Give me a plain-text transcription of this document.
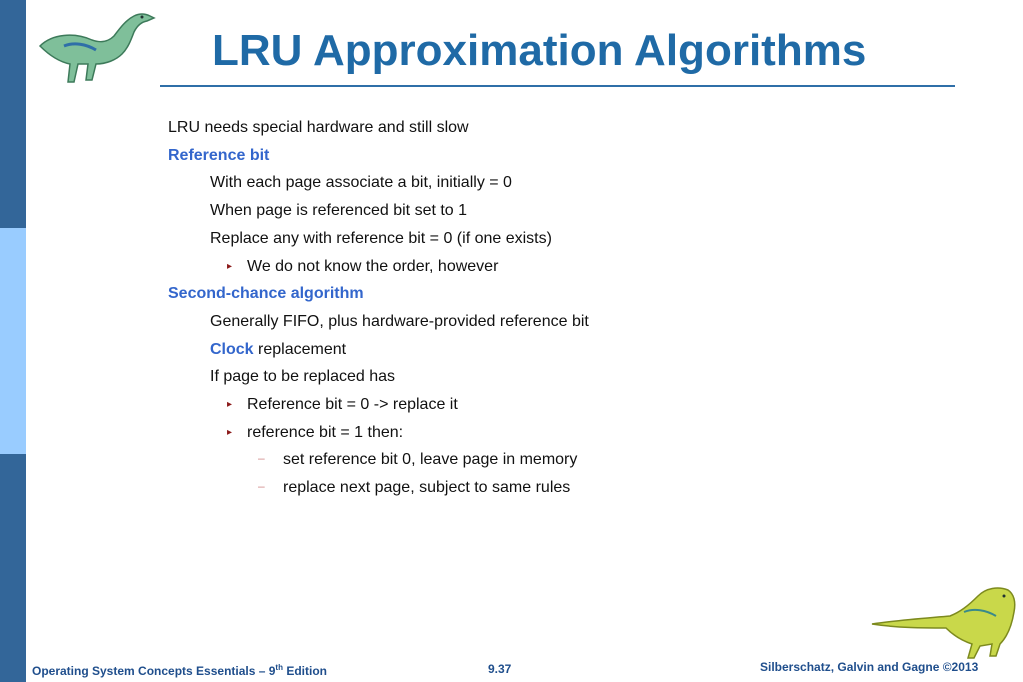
LRU Approximation Algorithms
LRU needs special hardware and still slow
Reference bit
With each page associate a bit, initially = 0
When page is referenced bit set to 1
Replace any with reference bit = 0 (if one exists)
▸ We do not know the order, however
Second-chance algorithm
Generally FIFO, plus hardware-provided reference bit
Clock replacement
If page to be replaced has
▸ Reference bit = 0 -> replace it
▸ reference bit = 1 then:
– set reference bit 0, leave page in memory
– replace next page, subject to same rules
Operating System Concepts Essentials – 9th Edition	9.37	Silberschatz, Galvin and Gagne ©2013
